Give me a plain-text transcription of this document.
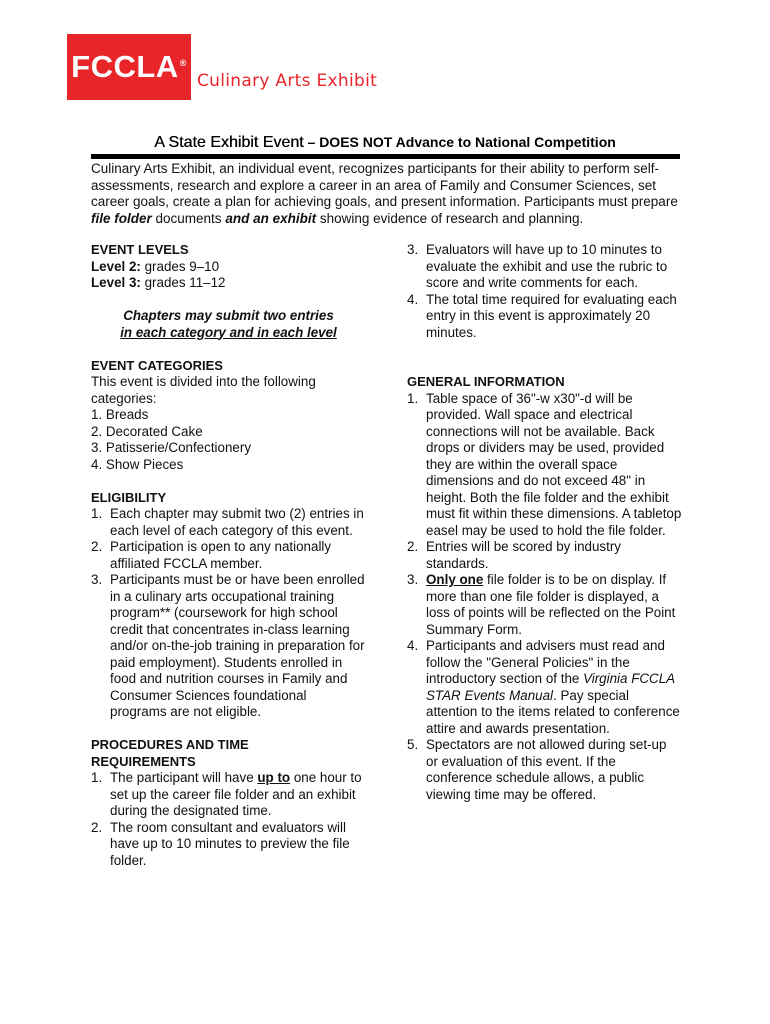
FCCLA ®
Culinary Arts Exhibit
A State Exhibit Event – DOES NOT Advance to National Competition
Culinary Arts Exhibit, an individual event, recognizes participants for their ability to perform self-assessments, research and explore a career in an area of Family and Consumer Sciences, set career goals, create a plan for achieving goals, and present information. Participants must prepare file folder documents and an exhibit showing evidence of research and planning.
EVENT LEVELS
Level 2: grades 9–10
Level 3: grades 11–12
Chapters may submit two entries
in each category and in each level
EVENT CATEGORIES
This event is divided into the following categories:
1. Breads
2. Decorated Cake
3. Patisserie/Confectionery
4. Show Pieces
ELIGIBILITY
1. Each chapter may submit two (2) entries in each level of each category of this event.
2. Participation is open to any nationally affiliated FCCLA member.
3. Participants must be or have been enrolled in a culinary arts occupational training program** (coursework for high school credit that concentrates in-class learning and/or on-the-job training in preparation for paid employment). Students enrolled in food and nutrition courses in Family and Consumer Sciences foundational programs are not eligible.
PROCEDURES AND TIME
REQUIREMENTS
1. The participant will have up to one hour to set up the career file folder and an exhibit during the designated time.
2. The room consultant and evaluators will have up to 10 minutes to preview the file folder.
3. Evaluators will have up to 10 minutes to evaluate the exhibit and use the rubric to score and write comments for each.
4. The total time required for evaluating each entry in this event is approximately 20 minutes.
GENERAL INFORMATION
1. Table space of 36"-w x30"-d will be provided. Wall space and electrical connections will not be available. Back drops or dividers may be used, provided they are within the overall space dimensions and do not exceed 48" in height. Both the file folder and the exhibit must fit within these dimensions. A tabletop easel may be used to hold the file folder.
2. Entries will be scored by industry standards.
3. Only one file folder is to be on display. If more than one file folder is displayed, a loss of points will be reflected on the Point Summary Form.
4. Participants and advisers must read and follow the "General Policies" in the introductory section of the Virginia FCCLA STAR Events Manual. Pay special attention to the items related to conference attire and awards presentation.
5. Spectators are not allowed during set-up or evaluation of this event. If the conference schedule allows, a public viewing time may be offered.
